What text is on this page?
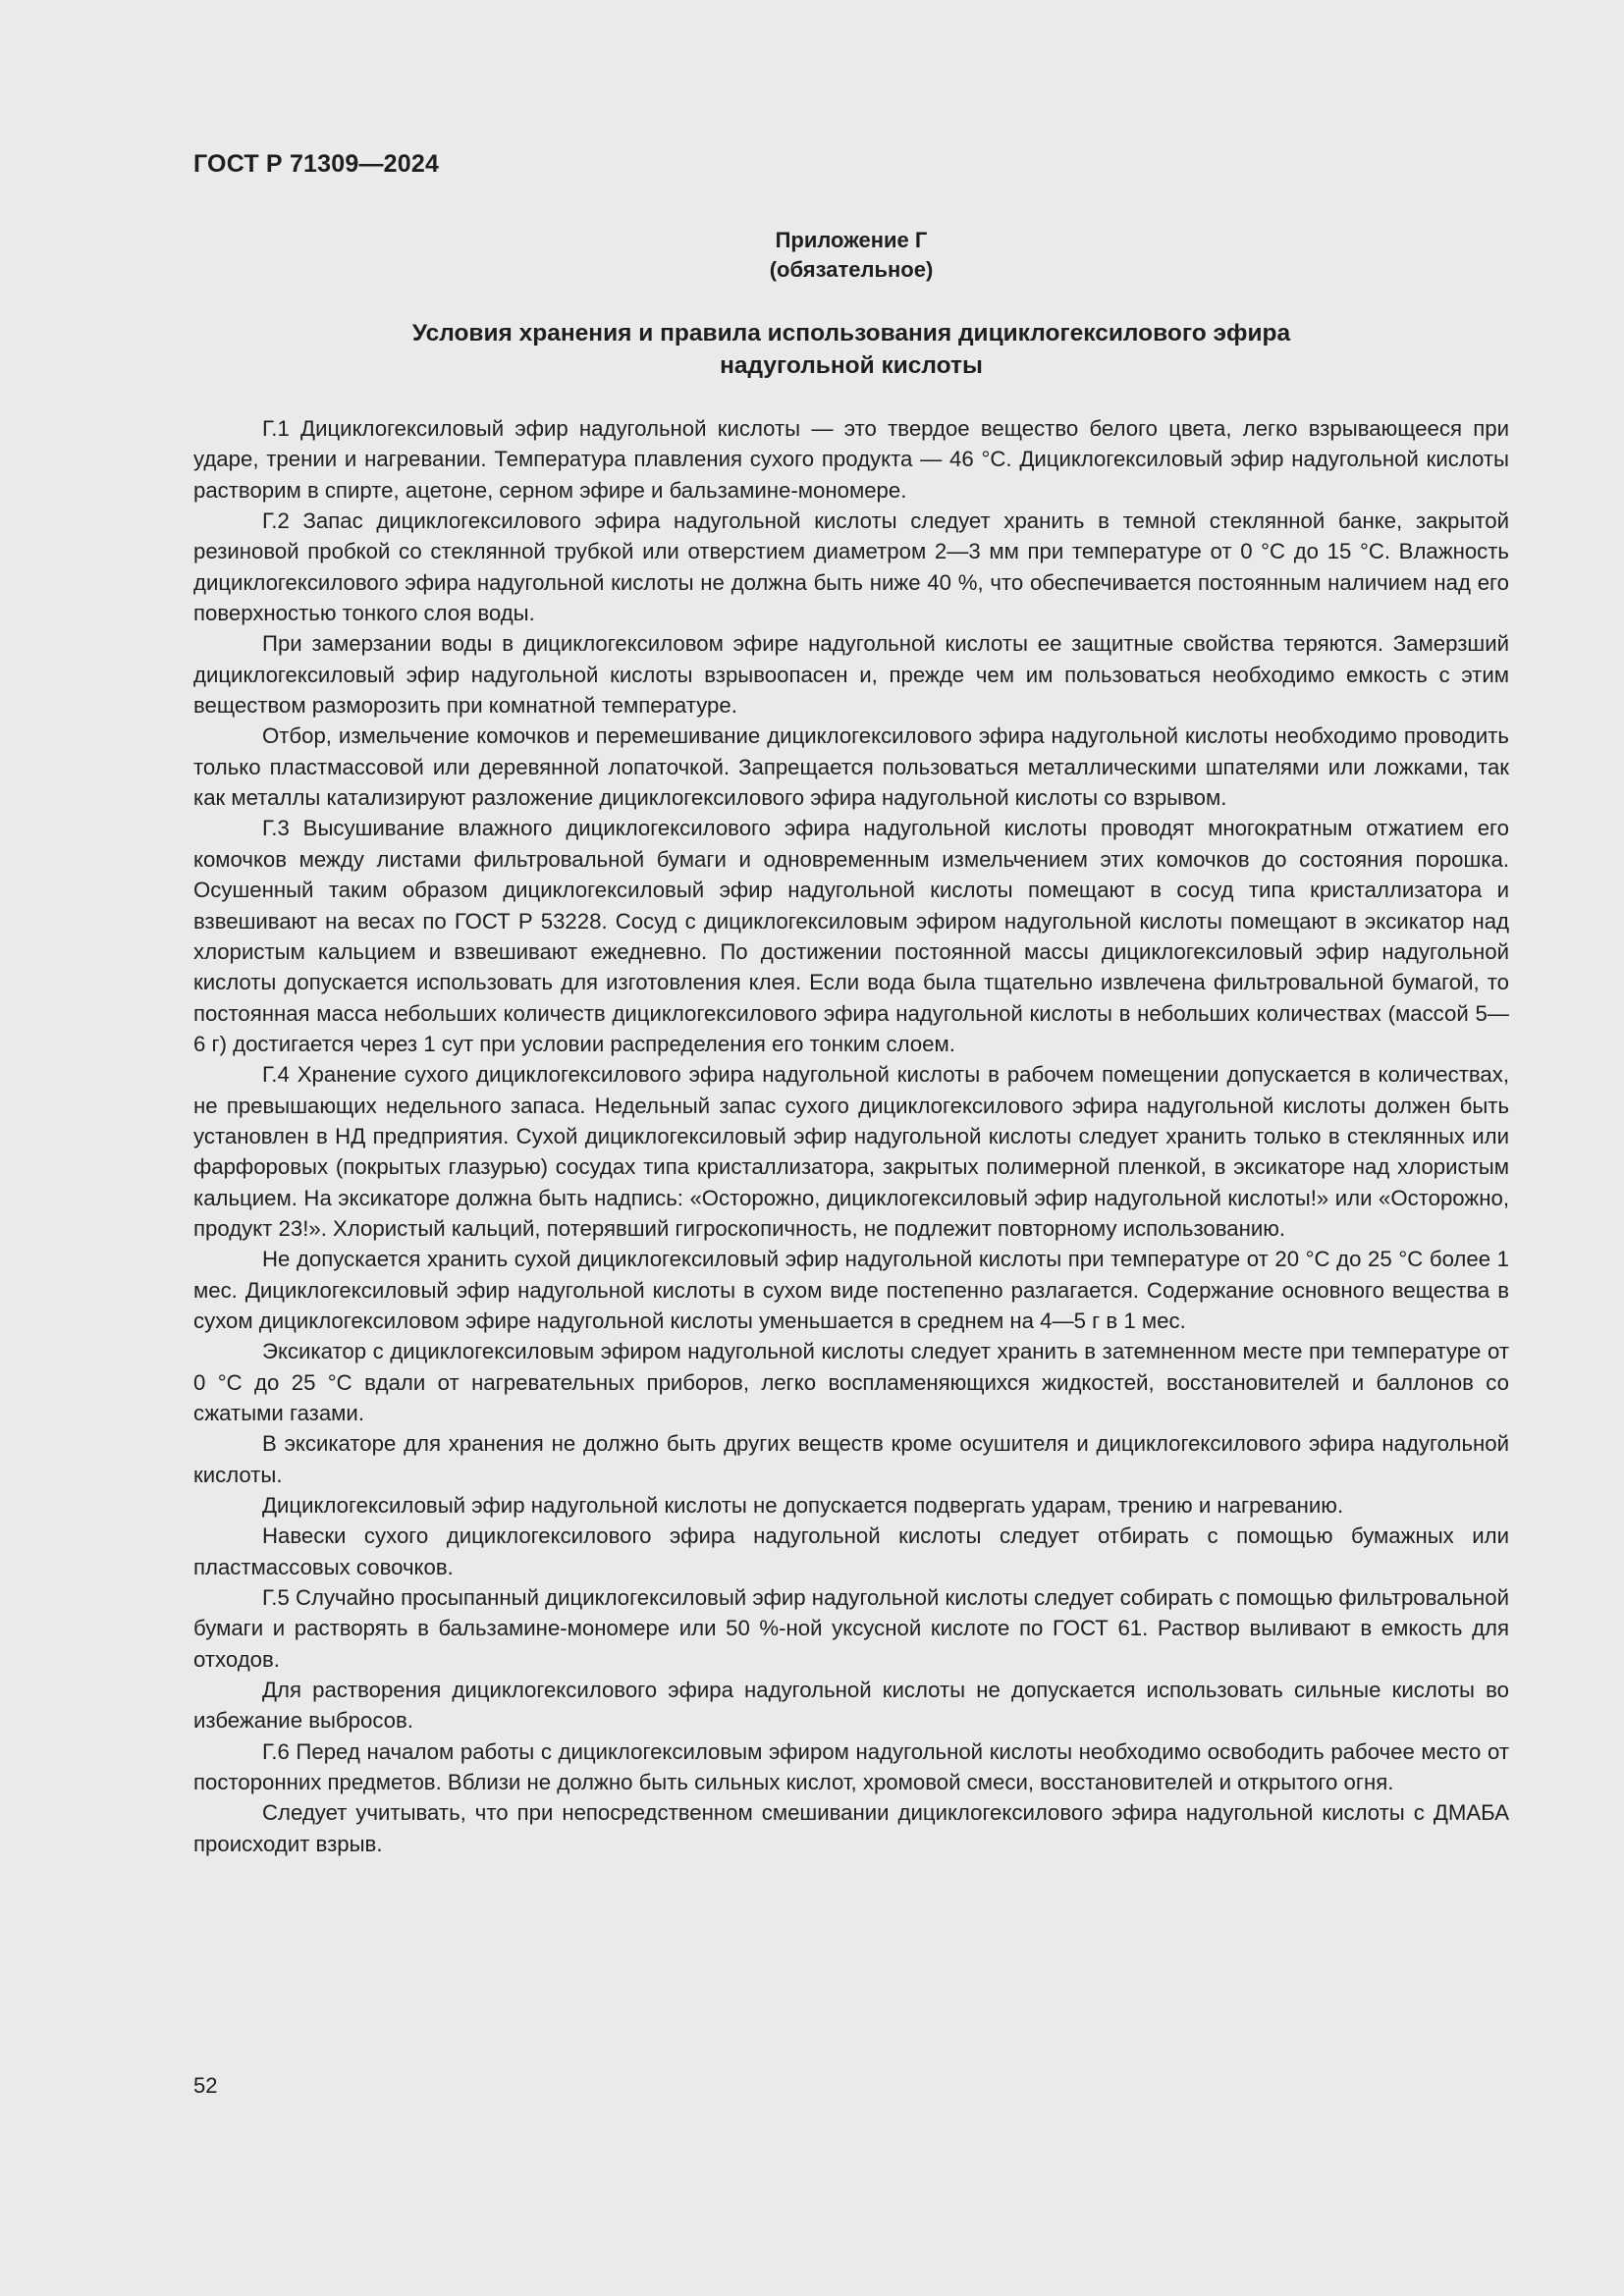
ГОСТ Р 71309—2024
Приложение Г
(обязательное)
Условия хранения и правила использования дициклогексилового эфира
надугольной кислоты

Г.1 Дициклогексиловый эфир надугольной кислоты — это твердое вещество белого цвета, легко взрывающееся при ударе, трении и нагревании. Температура плавления сухого продукта — 46 °С. Дициклогексиловый эфир надугольной кислоты растворим в спирте, ацетоне, серном эфире и бальзамине-мономере.

Г.2 Запас дициклогексилового эфира надугольной кислоты следует хранить в темной стеклянной банке, закрытой резиновой пробкой со стеклянной трубкой или отверстием диаметром 2—3 мм при температуре от 0 °С до 15 °С. Влажность дициклогексилового эфира надугольной кислоты не должна быть ниже 40 %, что обеспечивается постоянным наличием над его поверхностью тонкого слоя воды.

При замерзании воды в дициклогексиловом эфире надугольной кислоты ее защитные свойства теряются. Замерзший дициклогексиловый эфир надугольной кислоты взрывоопасен и, прежде чем им пользоваться необходимо емкость с этим веществом разморозить при комнатной температуре.

Отбор, измельчение комочков и перемешивание дициклогексилового эфира надугольной кислоты необходимо проводить только пластмассовой или деревянной лопаточкой. Запрещается пользоваться металлическими шпателями или ложками, так как металлы катализируют разложение дициклогексилового эфира надугольной кислоты со взрывом.

Г.3 Высушивание влажного дициклогексилового эфира надугольной кислоты проводят многократным отжатием его комочков между листами фильтровальной бумаги и одновременным измельчением этих комочков до состояния порошка. Осушенный таким образом дициклогексиловый эфир надугольной кислоты помещают в сосуд типа кристаллизатора и взвешивают на весах по ГОСТ Р 53228. Сосуд с дициклогексиловым эфиром надугольной кислоты помещают в эксикатор над хлористым кальцием и взвешивают ежедневно. По достижении постоянной массы дициклогексиловый эфир надугольной кислоты допускается использовать для изготовления клея. Если вода была тщательно извлечена фильтровальной бумагой, то постоянная масса небольших количеств дициклогексилового эфира надугольной кислоты в небольших количествах (массой 5—6 г) достигается через 1 сут при условии распределения его тонким слоем.

Г.4 Хранение сухого дициклогексилового эфира надугольной кислоты в рабочем помещении допускается в количествах, не превышающих недельного запаса. Недельный запас сухого дициклогексилового эфира надугольной кислоты должен быть установлен в НД предприятия. Сухой дициклогексиловый эфир надугольной кислоты следует хранить только в стеклянных или фарфоровых (покрытых глазурью) сосудах типа кристаллизатора, закрытых полимерной пленкой, в эксикаторе над хлористым кальцием. На эксикаторе должна быть надпись: «Осторожно, дициклогексиловый эфир надугольной кислоты!» или «Осторожно, продукт 23!». Хлористый кальций, потерявший гигроскопичность, не подлежит повторному использованию.

Не допускается хранить сухой дициклогексиловый эфир надугольной кислоты при температуре от 20 °С до 25 °С более 1 мес. Дициклогексиловый эфир надугольной кислоты в сухом виде постепенно разлагается. Содержание основного вещества в сухом дициклогексиловом эфире надугольной кислоты уменьшается в среднем на 4—5 г в 1 мес.

Эксикатор с дициклогексиловым эфиром надугольной кислоты следует хранить в затемненном месте при температуре от 0 °С до 25 °С вдали от нагревательных приборов, легко воспламеняющихся жидкостей, восстановителей и баллонов со сжатыми газами.

В эксикаторе для хранения не должно быть других веществ кроме осушителя и дициклогексилового эфира надугольной кислоты.

Дициклогексиловый эфир надугольной кислоты не допускается подвергать ударам, трению и нагреванию.

Навески сухого дициклогексилового эфира надугольной кислоты следует отбирать с помощью бумажных или пластмассовых совочков.

Г.5 Случайно просыпанный дициклогексиловый эфир надугольной кислоты следует собирать с помощью фильтровальной бумаги и растворять в бальзамине-мономере или 50 %-ной уксусной кислоте по ГОСТ 61. Раствор выливают в емкость для отходов.

Для растворения дициклогексилового эфира надугольной кислоты не допускается использовать сильные кислоты во избежание выбросов.

Г.6 Перед началом работы с дициклогексиловым эфиром надугольной кислоты необходимо освободить рабочее место от посторонних предметов. Вблизи не должно быть сильных кислот, хромовой смеси, восстановителей и открытого огня.

Следует учитывать, что при непосредственном смешивании дициклогексилового эфира надугольной кислоты с ДМАБА происходит взрыв.

52
